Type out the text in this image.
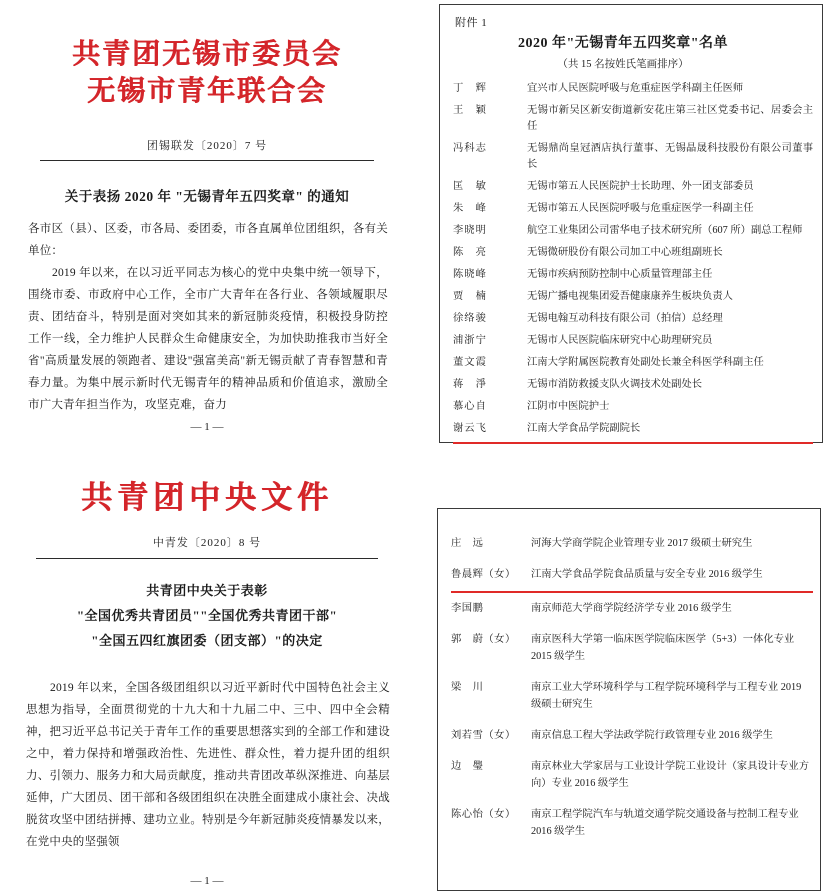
共青团无锡市委员会
无锡市青年联合会
团锡联发〔2020〕7 号
关于表扬 2020 年 "无锡青年五四奖章" 的通知

各市区（县）、区委，市各局、委团委，市各直属单位团组织，各有关单位：

2019 年以来，在以习近平同志为核心的党中央集中统一领导下，围绕市委、市政府中心工作，全市广大青年在各行业、各领域履职尽责、团结奋斗，特别是面对突如其来的新冠肺炎疫情，积极投身防控工作一线，全力维护人民群众生命健康安全，为加快助推我市当好全省"高质量发展的领跑者、建设"强富美高"新无锡贡献了青春智慧和青春力量。为集中展示新时代无锡青年的精神品质和价值追求，激励全市广大青年担当作为，攻坚克难，奋力

— 1 —
附件 1
2020 年"无锡青年五四奖章"名单
（共 15 名按姓氏笔画排序）
丁　辉	宜兴市人民医院呼吸与危重症医学科副主任医师
王　颖	无锡市新吴区新安街道新安花庄第三社区党委书记、居委会主任
冯科志	无锡鼎尚皇冠酒店执行董事、无锡晶晟科技股份有限公司董事长
匡　敏	无锡市第五人民医院护士长助理、外一团支部委员
朱　峰	无锡市第五人民医院呼吸与危重症医学一科副主任
李晓明	航空工业集团公司雷华电子技术研究所（607 所）副总工程师
陈　亮	无锡微研股份有限公司加工中心班组副班长
陈晓峰	无锡市疾病预防控制中心质量管理部主任
贾　楠	无锡广播电视集团爱吾健康康养生板块负责人
徐络骏	无锡电翰互动科技有限公司（拍信）总经理
浦浙宁	无锡市人民医院临床研究中心助理研究员
董文霞	江南大学附属医院教育处副处长兼全科医学科副主任
蒋　淨	无锡市消防救援支队火调技术处副处长
慕心自	江阴市中医院护士
谢云飞	江南大学食品学院副院长
共青团中央文件
中青发〔2020〕8 号
共青团中央关于表彰
"全国优秀共青团员""全国优秀共青团干部"
"全国五四红旗团委（团支部）"的决定

2019 年以来，全国各级团组织以习近平新时代中国特色社会主义思想为指导，全面贯彻党的十九大和十九届二中、三中、四中全会精神，把习近平总书记关于青年工作的重要思想落实到的全部工作和建设之中，着力保持和增强政治性、先进性、群众性，着力提升团的组织力、引领力、服务力和大局贡献度，推动共青团改革纵深推进、向基层延伸，广大团员、团干部和各级团组织在决胜全面建成小康社会、决战脱贫攻坚中团结拼搏、建功立业。特别是今年新冠肺炎疫情暴发以来，在党中央的坚强领

— 1 —
庄　远	河海大学商学院企业管理专业 2017 级硕士研究生
鲁晨辉（女）	江南大学食品学院食品质量与安全专业 2016 级学生
李国鹏	南京师范大学商学院经济学专业 2016 级学生
郭　蔚（女）	南京医科大学第一临床医学院临床医学（5+3）一体化专业 2015 级学生
梁　川	南京工业大学环境科学与工程学院环境科学与工程专业 2019 级硕士研究生
刘若雪（女）	南京信息工程大学法政学院行政管理专业 2016 级学生
边　璺	南京林业大学家居与工业设计学院工业设计（家具设计专业方向）专业 2016 级学生
陈心怡（女）	南京工程学院汽车与轨道交通学院交通设备与控制工程专业 2016 级学生
